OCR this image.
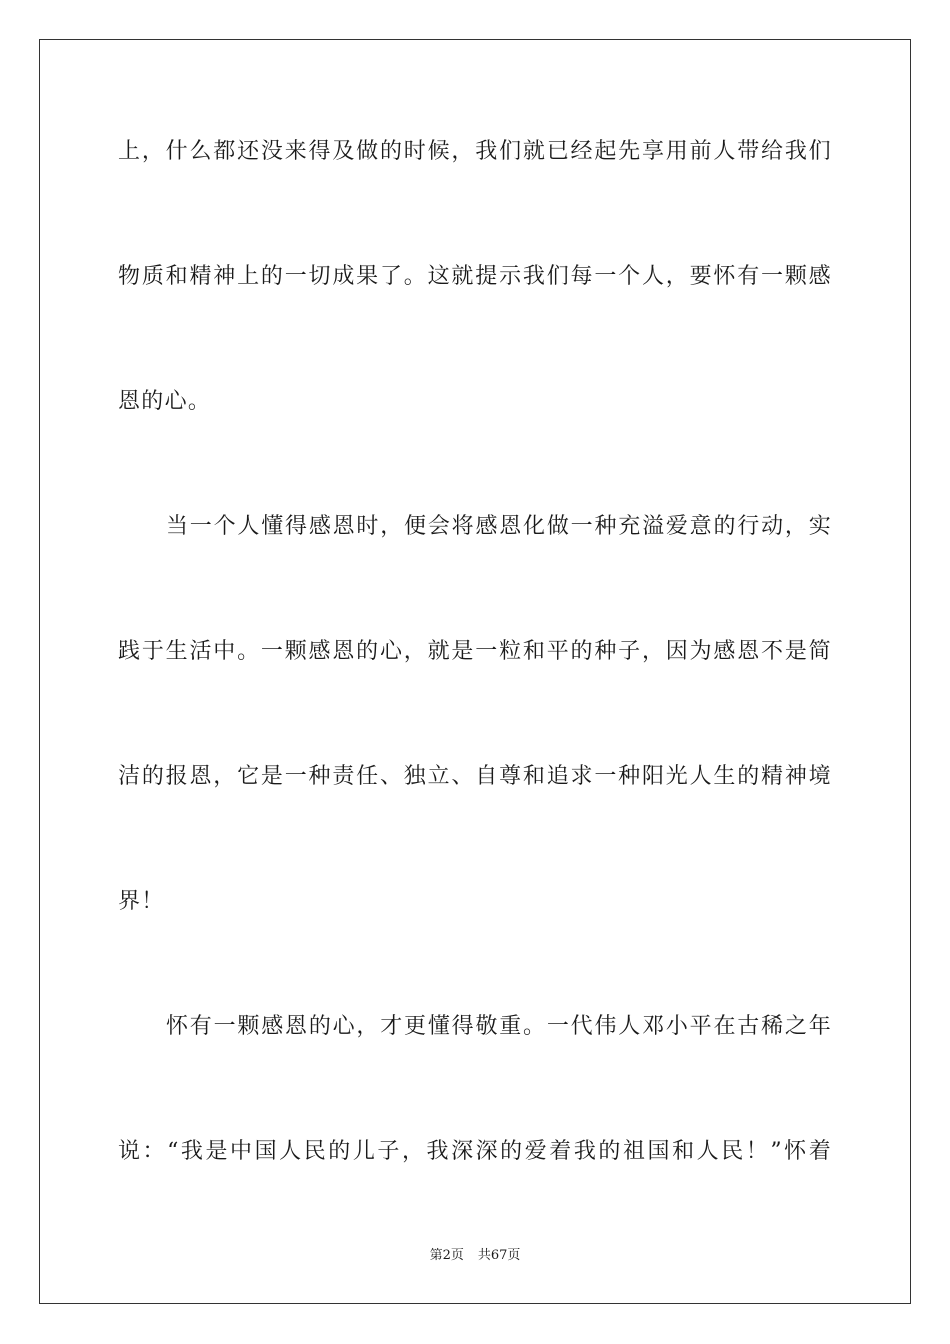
上，什么都还没来得及做的时候，我们就已经起先享用前人带给我们
物质和精神上的一切成果了。这就提示我们每一个人，要怀有一颗感
恩的心。
当一个人懂得感恩时，便会将感恩化做一种充溢爱意的行动，实
践于生活中。一颗感恩的心，就是一粒和平的种子，因为感恩不是简
洁的报恩，它是一种责任、独立、自尊和追求一种阳光人生的精神境
界！
怀有一颗感恩的心，才更懂得敬重。一代伟人邓小平在古稀之年
说：“我是中国人民的儿子，我深深的爱着我的祖国和人民！”怀着
第2页 共67页
